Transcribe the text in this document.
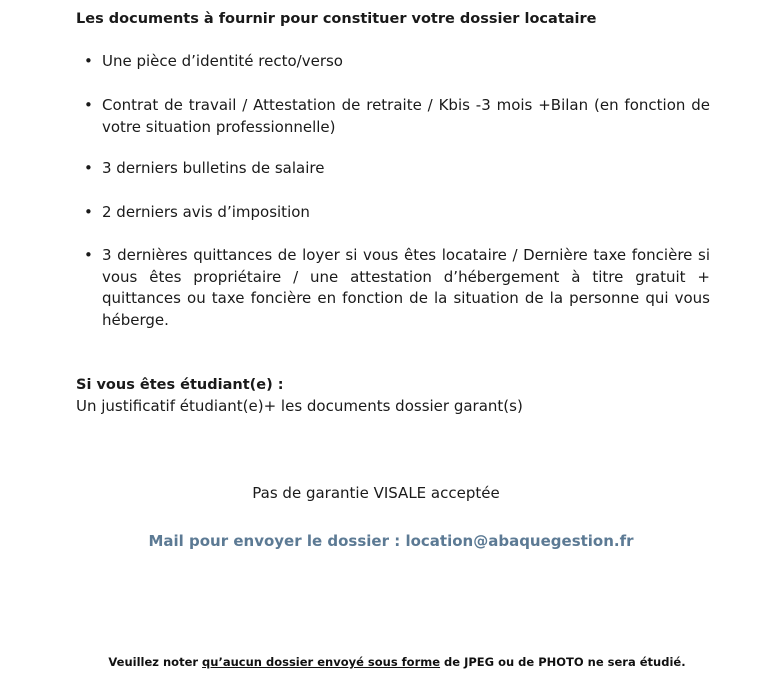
Les documents à fournir pour constituer votre dossier locataire
• Une pièce d’identité recto/verso
• Contrat de travail / Attestation de retraite / Kbis -3 mois +Bilan (en fonction de votre situation professionnelle)
• 3 derniers bulletins de salaire
• 2 derniers avis d’imposition
• 3 dernières quittances de loyer si vous êtes locataire / Dernière taxe foncière si vous êtes propriétaire / une attestation d’hébergement à titre gratuit + quittances ou taxe foncière en fonction de la situation de la personne qui vous héberge.
Si vous êtes étudiant(e) :
Un justificatif étudiant(e)+ les documents dossier garant(s)
Pas de garantie VISALE acceptée
Mail pour envoyer le dossier : location@abaquegestion.fr
Veuillez noter qu’aucun dossier envoyé sous forme de JPEG ou de PHOTO ne sera étudié.
